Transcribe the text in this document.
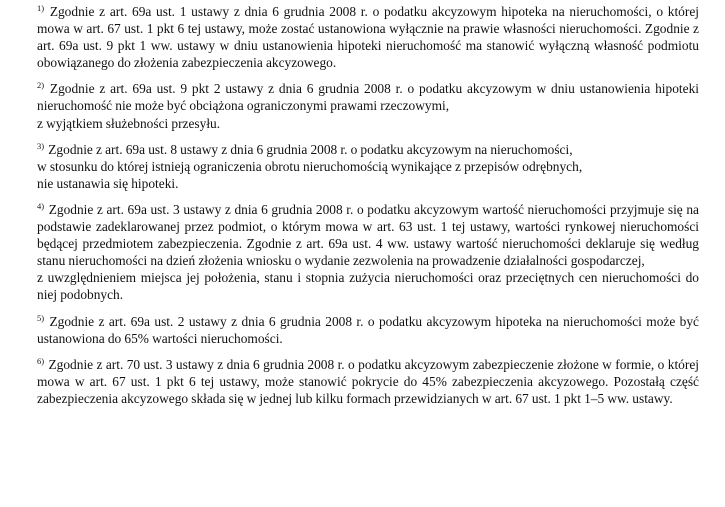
$^{1)}$ Zgodnie z art. 69a ust. 1 ustawy z dnia 6 grudnia 2008 r. o podatku akcyzowym hipoteka na nieruchomości, o której mowa w art. 67 ust. 1 pkt 6 tej ustawy, może zostać ustanowiona wyłącznie na prawie własności nieruchomości. Zgodnie z art. 69a ust. 9 pkt 1 ww. ustawy w dniu ustanowienia hipoteki nieruchomość ma stanowić wyłączną własność podmiotu obowiązanego do złożenia zabezpieczenia akcyzowego.

$^{2)}$ Zgodnie z art. 69a ust. 9 pkt 2 ustawy z dnia 6 grudnia 2008 r. o podatku akcyzowym w dniu ustanowienia hipoteki nieruchomość nie może być obciążona ograniczonymi prawami rzeczowymi,
z wyjątkiem służebności przesyłu.

$^{3)}$ Zgodnie z art. 69a ust. 8 ustawy z dnia 6 grudnia 2008 r. o podatku akcyzowym na nieruchomości,
w stosunku do której istnieją ograniczenia obrotu nieruchomością wynikające z przepisów odrębnych,
nie ustanawia się hipoteki.

$^{4)}$ Zgodnie z art. 69a ust. 3 ustawy z dnia 6 grudnia 2008 r. o podatku akcyzowym wartość nieruchomości przyjmuje się na podstawie zadeklarowanej przez podmiot, o którym mowa w art. 63 ust. 1 tej ustawy, wartości rynkowej nieruchomości będącej przedmiotem zabezpieczenia. Zgodnie z art. 69a ust. 4 ww. ustawy wartość nieruchomości deklaruje się według stanu nieruchomości na dzień złożenia wniosku o wydanie zezwolenia na prowadzenie działalności gospodarczej,
z uwzględnieniem miejsca jej położenia, stanu i stopnia zużycia nieruchomości oraz przeciętnych cen nieruchomości do niej podobnych.

$^{5)}$ Zgodnie z art. 69a ust. 2 ustawy z dnia 6 grudnia 2008 r. o podatku akcyzowym hipoteka na nieruchomości może być ustanowiona do 65% wartości nieruchomości.

$^{6)}$ Zgodnie z art. 70 ust. 3 ustawy z dnia 6 grudnia 2008 r. o podatku akcyzowym zabezpieczenie złożone w formie, o której mowa w art. 67 ust. 1 pkt 6 tej ustawy, może stanowić pokrycie do 45% zabezpieczenia akcyzowego. Pozostałą część zabezpieczenia akcyzowego składa się w jednej lub kilku formach przewidzianych w art. 67 ust. 1 pkt 1–5 ww. ustawy.
